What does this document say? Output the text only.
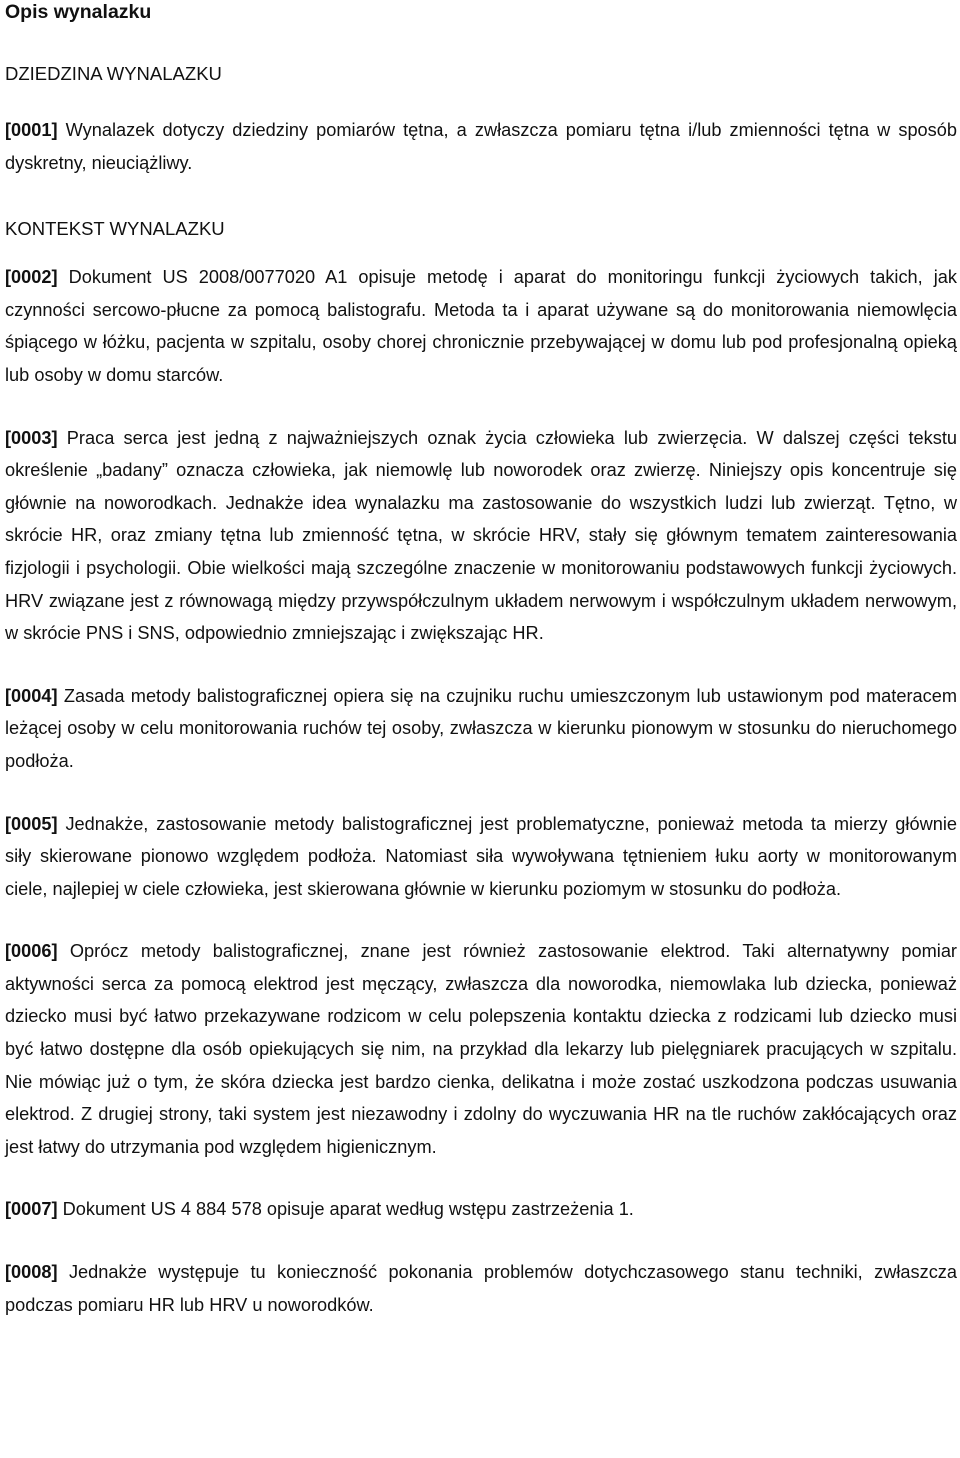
Opis wynalazku
DZIEDZINA WYNALAZKU

[0001] Wynalazek dotyczy dziedziny pomiarów tętna, a zwłaszcza pomiaru tętna i/lub zmienności tętna w sposób dyskretny, nieuciążliwy.

KONTEKST WYNALAZKU

[0002] Dokument US 2008/0077020 A1 opisuje metodę i aparat do monitoringu funkcji życiowych takich, jak czynności sercowo-płucne za pomocą balistografu. Metoda ta i aparat używane są do monitorowania niemowlęcia śpiącego w łóżku, pacjenta w szpitalu, osoby chorej chronicznie przebywającej w domu lub pod profesjonalną opieką lub osoby w domu starców.

[0003] Praca serca jest jedną z najważniejszych oznak życia człowieka lub zwierzęcia. W dalszej części tekstu określenie „badany” oznacza człowieka, jak niemowlę lub noworodek oraz zwierzę. Niniejszy opis koncentruje się głównie na noworodkach. Jednakże idea wynalazku ma zastosowanie do wszystkich ludzi lub zwierząt. Tętno, w skrócie HR, oraz zmiany tętna lub zmienność tętna, w skrócie HRV, stały się głównym tematem zainteresowania fizjologii i psychologii. Obie wielkości mają szczególne znaczenie w monitorowaniu podstawowych funkcji życiowych. HRV związane jest z równowagą między przywspółczulnym układem nerwowym i współczulnym układem nerwowym, w skrócie PNS i SNS, odpowiednio zmniejszając i zwiększając HR.

[0004] Zasada metody balistograficznej opiera się na czujniku ruchu umieszczonym lub ustawionym pod materacem leżącej osoby w celu monitorowania ruchów tej osoby, zwłaszcza w kierunku pionowym w stosunku do nieruchomego podłoża.

[0005] Jednakże, zastosowanie metody balistograficznej jest problematyczne, ponieważ metoda ta mierzy głównie siły skierowane pionowo względem podłoża. Natomiast siła wywoływana tętnieniem łuku aorty w monitorowanym ciele, najlepiej w ciele człowieka, jest skierowana głównie w kierunku poziomym w stosunku do podłoża.

[0006] Oprócz metody balistograficznej, znane jest również zastosowanie elektrod. Taki alternatywny pomiar aktywności serca za pomocą elektrod jest męczący, zwłaszcza dla noworodka, niemowlaka lub dziecka, ponieważ dziecko musi być łatwo przekazywane rodzicom w celu polepszenia kontaktu dziecka z rodzicami lub dziecko musi być łatwo dostępne dla osób opiekujących się nim, na przykład dla lekarzy lub pielęgniarek pracujących w szpitalu. Nie mówiąc już o tym, że skóra dziecka jest bardzo cienka, delikatna i może zostać uszkodzona podczas usuwania elektrod. Z drugiej strony, taki system jest niezawodny i zdolny do wyczuwania HR na tle ruchów zakłócających oraz jest łatwy do utrzymania pod względem higienicznym.

[0007] Dokument US 4 884 578 opisuje aparat według wstępu zastrzeżenia 1.

[0008] Jednakże występuje tu konieczność pokonania problemów dotychczasowego stanu techniki, zwłaszcza podczas pomiaru HR lub HRV u noworodków.
